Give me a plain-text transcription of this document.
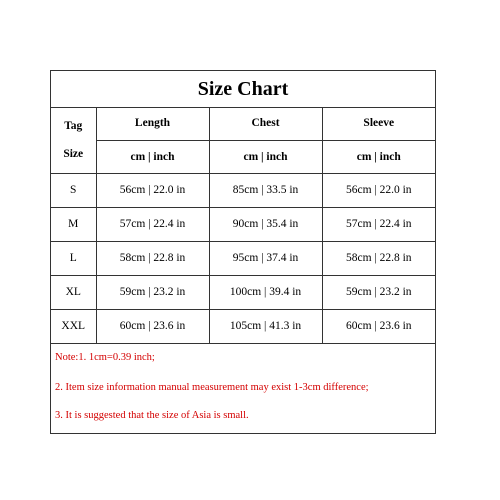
Size Chart
Tag
Size	Length	Chest	Sleeve
	cm | inch	cm | inch	cm | inch
S	56cm | 22.0 in	85cm | 33.5 in	56cm | 22.0 in
M	57cm | 22.4 in	90cm | 35.4 in	57cm | 22.4 in
L	58cm | 22.8 in	95cm | 37.4 in	58cm | 22.8 in
XL	59cm | 23.2 in	100cm | 39.4 in	59cm | 23.2 in
XXL	60cm | 23.6 in	105cm | 41.3 in	60cm | 23.6 in
Note:1. 1cm=0.39 inch;
2. Item size information manual measurement may exist 1-3cm difference;
3. It is suggested that the size of Asia is small.
